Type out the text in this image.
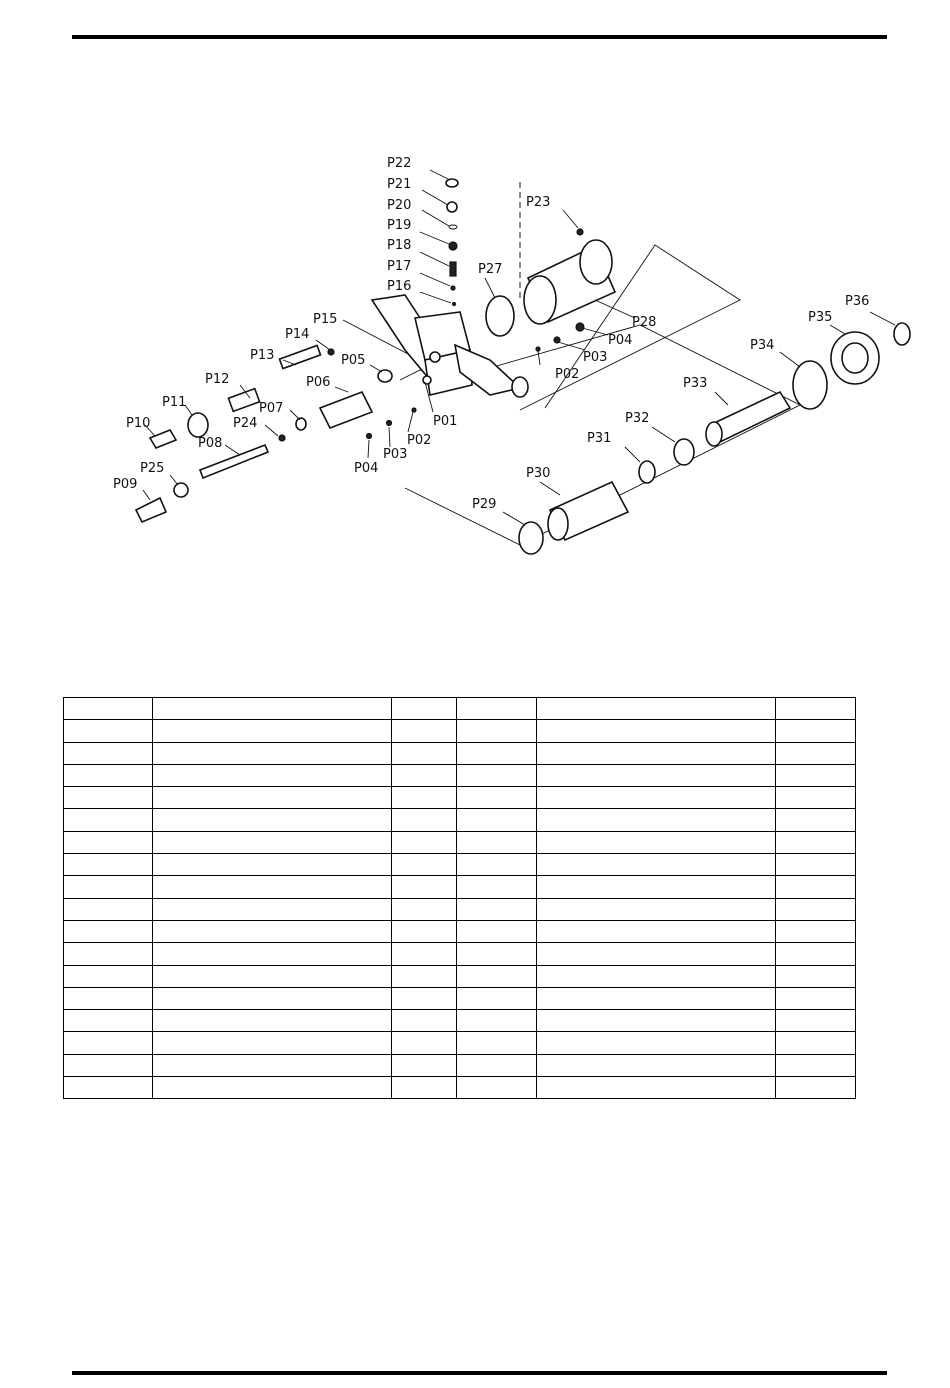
P01
P02
P03
P04
P02
P03
P04
P05
P06
P07
P08
P09
P10
P11
P12
P13
P14
P15
P16
P17
P18
P19
P20
P21
P22
P23
P24
P25
P27
P28
P29
P30
P31
P32
P33
P34
P35
P36
